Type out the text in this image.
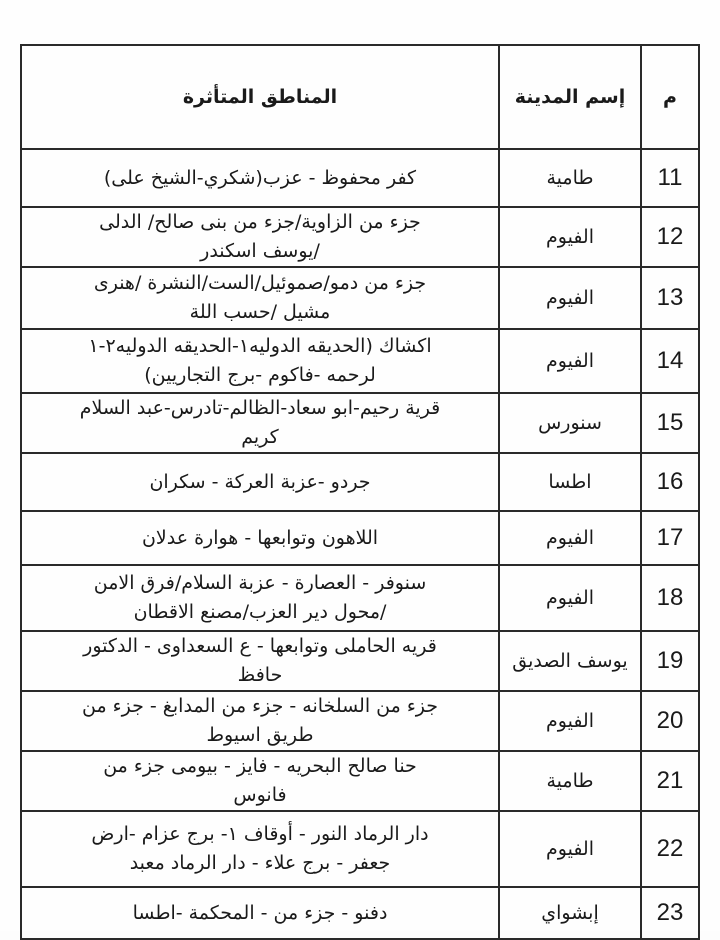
م	إسم المدينة	المناطق المتأثرة
11	طامية	كفر محفوظ - عزب(شكري-الشيخ على)
12	الفيوم	جزء من الزاوية/جزء من بنى صالح/ الدلى
/يوسف اسكندر
13	الفيوم	جزء من دمو/صموئيل/الست/النشرة /هنرى
مشيل /حسب اللة
14	الفيوم	اكشاك (الحديقه الدوليه١-الحديقه الدوليه٢-١
لرحمه -فاكوم -برج التجاريين)
15	سنورس	قرية رحيم-ابو سعاد-الظالم-تادرس-عبد السلام
كريم
16	اطسا	جردو -عزبة العركة - سكران
17	الفيوم	اللاهون وتوابعها - هوارة عدلان
18	الفيوم	سنوفر - العصارة - عزبة السلام/فرق الامن
/محول دير العزب/مصنع الاقطان
19	يوسف الصديق	قريه الحاملى وتوابعها - ع السعداوى - الدكتور
حافظ
20	الفيوم	جزء من السلخانه - جزء من المدابغ - جزء من
طريق اسيوط
21	طامية	حنا صالح البحريه - فايز - بيومى جزء من
فانوس
22	الفيوم	دار الرماد النور - أوقاف ١- برج عزام -ارض
جعفر - برج علاء - دار الرماد معبد
23	إبشواي	دفنو - جزء من - المحكمة -اطسا
